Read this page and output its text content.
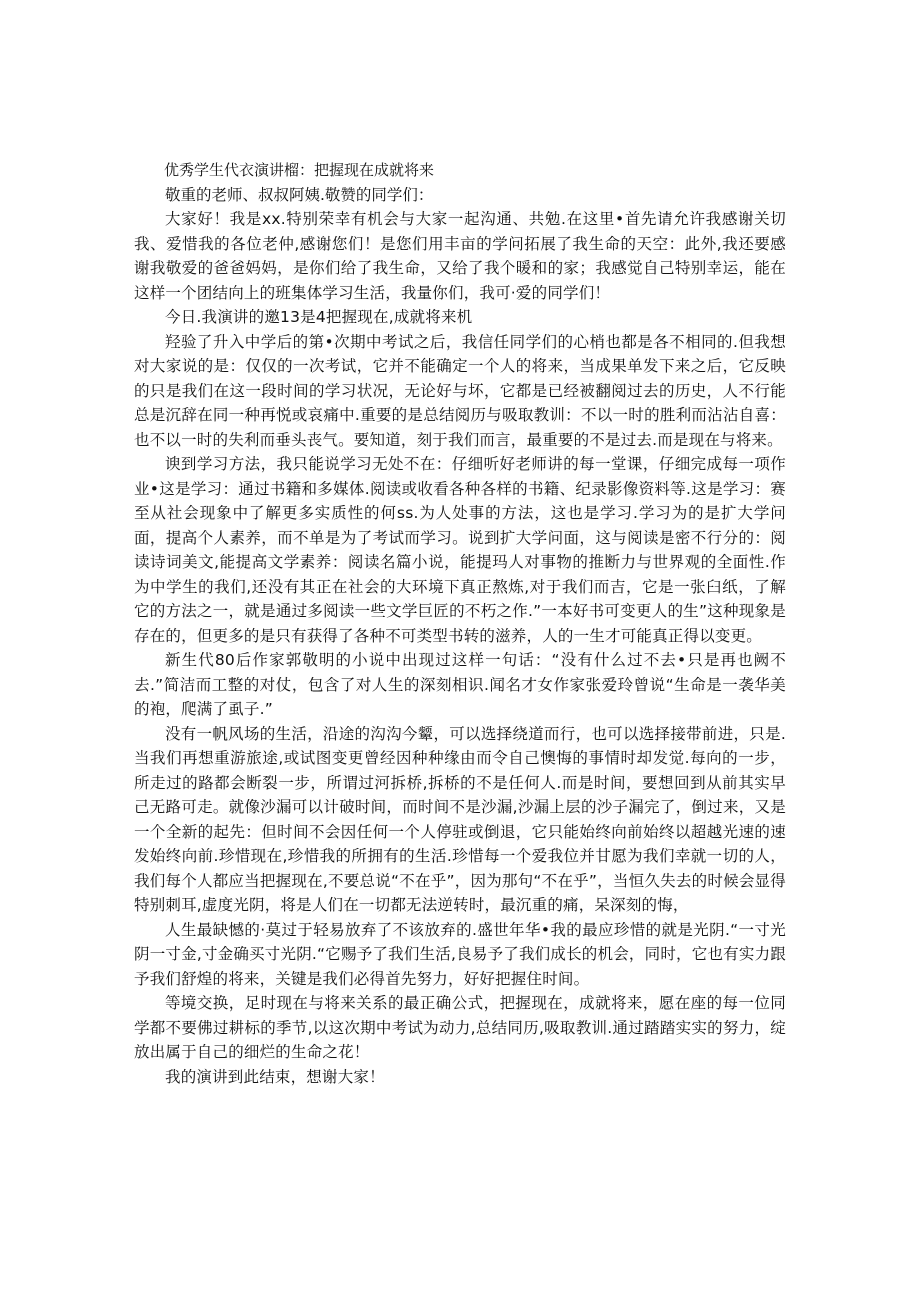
优秀学生代衣演讲榴：把握现在成就将来

敬重的老师、叔叔阿姨.敬赞的同学们：

大家好！我是xx.特别荣幸有机会与大家一起沟通、共勉.在这里•首先请允许我感谢关切我、爱惜我的各位老仲,感谢您们！是您们用丰亩的学问拓展了我生命的天空：此外,我还要感谢我敬爱的爸爸妈妈，是你们给了我生命，又给了我个暖和的家；我感觉自己特别幸运，能在这样一个团结向上的班集体学习生活，我量你们，我可·爱的同学们！

今日.我演讲的邀13是4把握现在,成就将来机

羟验了升入中学后的第•次期中考试之后，我信任同学们的心梢也都是各不相同的.但我想对大家说的是：仅仅的一次考试，它并不能确定一个人的将来，当成果单发下来之后，它反映的只是我们在这一段时间的学习状况，无论好与坏，它都是已经被翻阅过去的历史，人不行能总是沉辞在同一种再悦或哀痛中.重要的是总结阅历与吸取教训：不以一时的胜利而沾沾自喜：也不以一时的失利而垂头丧气。要知道，刻于我们而言，最重要的不是过去.而是现在与将来。

谀到学习方法，我只能说学习无处不在：仔细听好老师讲的每一堂课，仔细完成每一项作业•这是学习：通过书籍和多媒体.阅读或收看各种各样的书籍、纪录影像资料等.这是学习：赛至从社会现象中了解更多实质性的何ss.为人处事的方法，这也是学习.学习为的是扩大学问面，提高个人素养，而不单是为了考试而学习。说到扩大学问面，这与阅读是密不行分的：阅读诗词美文,能提高文学素养：阅读名篇小说，能提玛人对事物的推断力与世界观的全面性.作为中学生的我们,还没有其正在社会的大环境下真正熬炼,对于我们而吉，它是一张臼纸，了解它的方法之一，就是通过多阅读一些文学巨匠的不朽之作.”一本好书可变更人的生”这种现象是存在的，但更多的是只有获得了各种不可类型书转的滋养，人的一生才可能真正得以变更。

新生代80后作家郭敬明的小说中出现过这样一句话：“没有什么过不去•只是再也阙不去.”简洁而工整的对仗，包含了对人生的深刻相识.闻名才女作家张爱玲曾说“生命是一袭华美的袍，爬满了虱子.”

没有一帆风场的生活，沿途的沟沟今颦，可以选择绕道而行，也可以选择接带前进，只是.当我们再想重游旅途,或试图变更曾经因种种缘由而令自己懊悔的事情时却发觉.每向的一步，所走过的路都会断裂一步，所谓过河拆桥,拆桥的不是任何人.而是时间，要想回到从前其实早己无路可走。就像沙漏可以计破时间，而时间不是沙漏,沙漏上层的沙子漏完了，倒过来，又是一个全新的起先：但时间不会因任何一个人停驻或倒退，它只能始终向前始终以超越光速的速发始终向前.珍惜现在,珍惜我的所拥有的生活.珍惜每一个爱我位并甘愿为我们幸就一切的人，我们每个人都应当把握现在,不要总说“不在乎”，因为那句“不在乎”，当恒久失去的时候会显得特别刺耳,虚度光阴，将是人们在一切都无法逆转时，最沉重的痛，呆深刻的悔，

人生最缺憾的·莫过于轻易放弃了不该放弃的.盛世年华•我的最应珍惜的就是光阴.“一寸光阴一寸金,寸金确买寸光阴.“它赐予了我们生活,良易予了我们成长的机会，同时，它也有实力跟予我们舒煌的将来，关键是我们必得首先努力，好好把握住时间。

等境交换，足时现在与将来关系的最正确公式，把握现在，成就将来，愿在座的每一位同学都不要佛过耕标的季节,以这次期中考试为动力,总结同历,吸取教训.通过踏踏实实的努力，绽放出属于自己的细烂的生命之花！

我的演讲到此结束，想谢大家！
